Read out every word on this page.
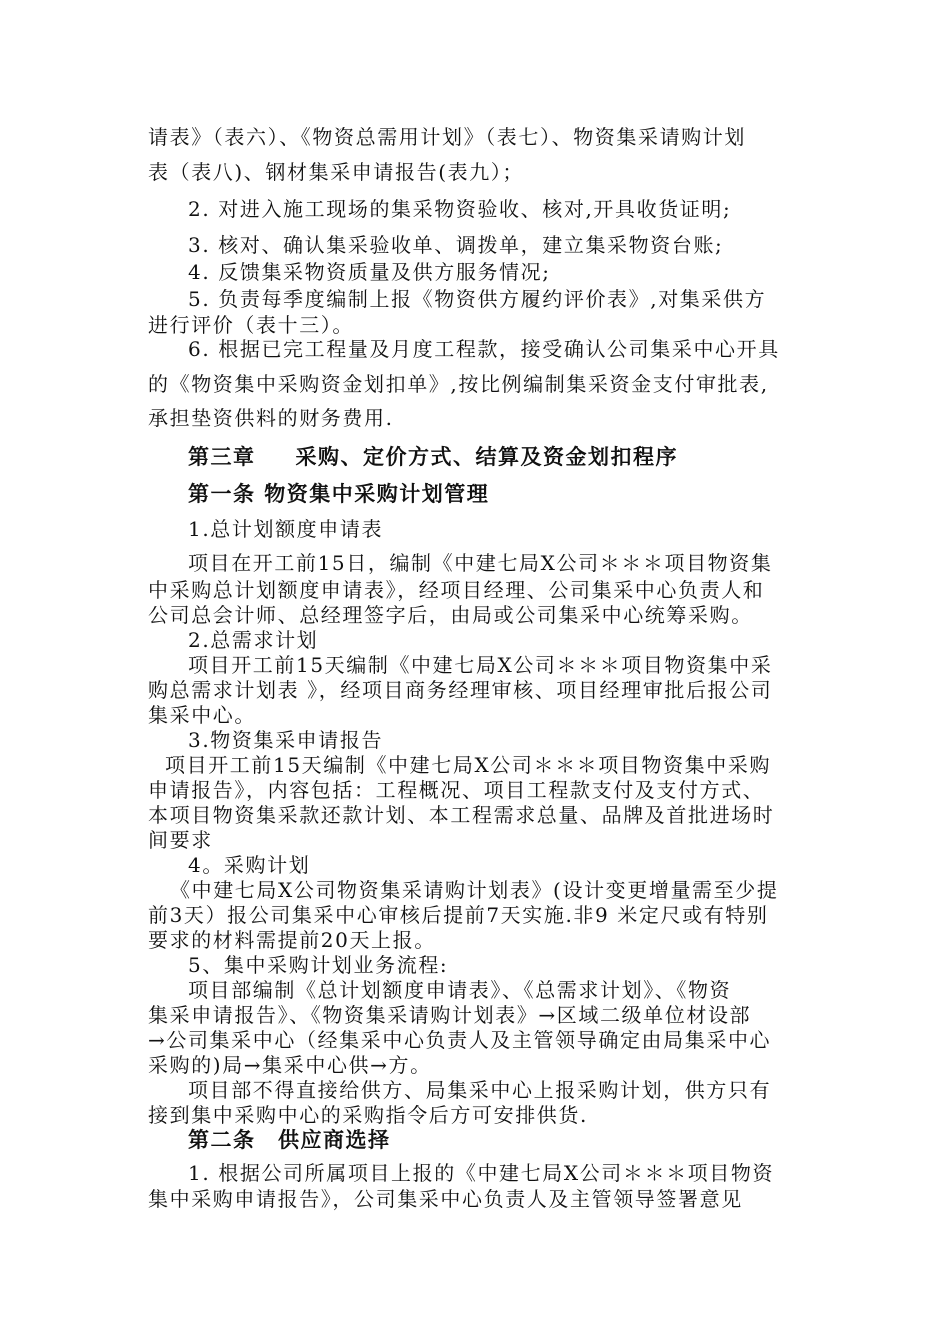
请表》（表六）、《物资总需用计划》（表七）、物资集采请购计划
表（表八)、钢材集采申请报告(表九）；
2. 对进入施工现场的集采物资验收、核对,开具收货证明;
3. 核对、确认集采验收单、调拨单，建立集采物资台账;
4. 反馈集采物资质量及供方服务情况;
5. 负责每季度编制上报《物资供方履约评价表》,对集采供方
进行评价（表十三）。
6. 根据已完工程量及月度工程款，接受确认公司集采中心开具
的《物资集中采购资金划扣单》,按比例编制集采资金支付审批表,
承担垫资供料的财务费用.
第三章 采购、定价方式、结算及资金划扣程序
第一条 物资集中采购计划管理
1.总计划额度申请表
项目在开工前15日，编制《中建七局X公司＊＊＊项目物资集
中采购总计划额度申请表》，经项目经理、公司集采中心负责人和
公司总会计师、总经理签字后，由局或公司集采中心统筹采购。
2.总需求计划
项目开工前15天编制《中建七局X公司＊＊＊项目物资集中采
购总需求计划表 》，经项目商务经理审核、项目经理审批后报公司
集采中心。
3.物资集采申请报告
项目开工前15天编制《中建七局X公司＊＊＊项目物资集中采购
申请报告》，内容包括：工程概况、项目工程款支付及支付方式、
本项目物资集采款还款计划、本工程需求总量、品牌及首批进场时
间要求
4。采购计划
《中建七局X公司物资集采请购计划表》(设计变更增量需至少提
前3天）报公司集采中心审核后提前7天实施.非9 米定尺或有特别
要求的材料需提前20天上报。
5、集中采购计划业务流程:
项目部编制《总计划额度申请表》、《总需求计划》、《物资
集采申请报告》、《物资集采请购计划表》→区域二级单位材设部
→公司集采中心（经集采中心负责人及主管领导确定由局集采中心
采购的)局→集采中心供→方。
项目部不得直接给供方、局集采中心上报采购计划，供方只有
接到集中采购中心的采购指令后方可安排供货.
第二条　供应商选择
1. 根据公司所属项目上报的《中建七局X公司＊＊＊项目物资
集中采购申请报告》，公司集采中心负责人及主管领导签署意见
